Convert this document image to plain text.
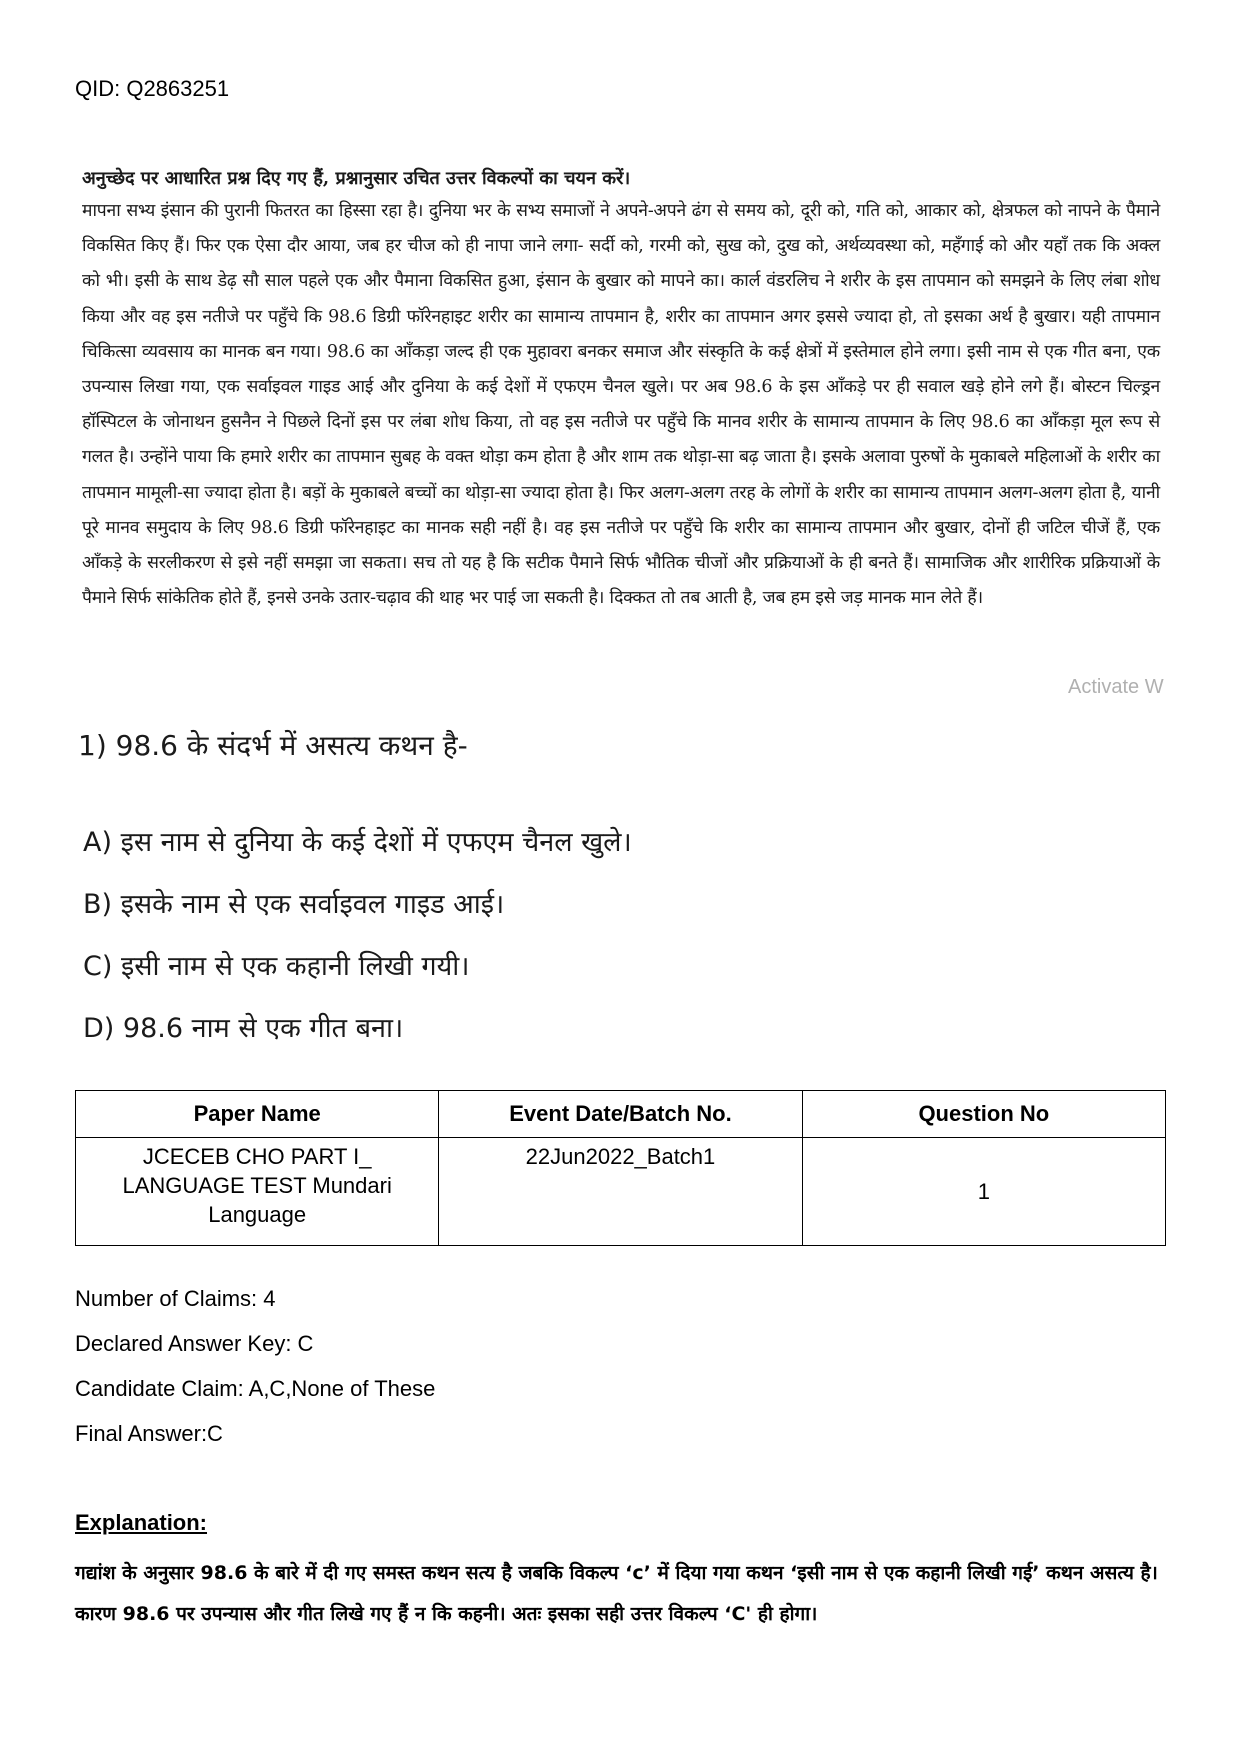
QID: Q2863251

अनुच्छेद पर आधारित प्रश्न दिए गए हैं, प्रश्नानुसार उचित उत्तर विकल्पों का चयन करें।

मापना सभ्य इंसान की पुरानी फितरत का हिस्सा रहा है। दुनिया भर के सभ्य समाजों ने अपने-अपने ढंग से समय को, दूरी को, गति को, आकार को, क्षेत्रफल को नापने के पैमाने विकसित किए हैं। फिर एक ऐसा दौर आया, जब हर चीज को ही नापा जाने लगा- सर्दी को, गरमी को, सुख को, दुख को, अर्थव्यवस्था को, महँगाई को और यहाँ तक कि अक्ल को भी। इसी के साथ डेढ़ सौ साल पहले एक और पैमाना विकसित हुआ, इंसान के बुखार को मापने का। कार्ल वंडरलिच ने शरीर के इस तापमान को समझने के लिए लंबा शोध किया और वह इस नतीजे पर पहुँचे कि 98.6 डिग्री फॉरेनहाइट शरीर का सामान्य तापमान है, शरीर का तापमान अगर इससे ज्यादा हो, तो इसका अर्थ है बुखार। यही तापमान चिकित्सा व्यवसाय का मानक बन गया। 98.6 का आँकड़ा जल्द ही एक मुहावरा बनकर समाज और संस्कृति के कई क्षेत्रों में इस्तेमाल होने लगा। इसी नाम से एक गीत बना, एक उपन्यास लिखा गया, एक सर्वाइवल गाइड आई और दुनिया के कई देशों में एफएम चैनल खुले। पर अब 98.6 के इस आँकड़े पर ही सवाल खड़े होने लगे हैं। बोस्टन चिल्ड्रन हॉस्पिटल के जोनाथन हुसनैन ने पिछले दिनों इस पर लंबा शोध किया, तो वह इस नतीजे पर पहुँचे कि मानव शरीर के सामान्य तापमान के लिए 98.6 का आँकड़ा मूल रूप से गलत है। उन्होंने पाया कि हमारे शरीर का तापमान सुबह के वक्त थोड़ा कम होता है और शाम तक थोड़ा-सा बढ़ जाता है। इसके अलावा पुरुषों के मुकाबले महिलाओं के शरीर का तापमान मामूली-सा ज्यादा होता है। बड़ों के मुकाबले बच्चों का थोड़ा-सा ज्यादा होता है। फिर अलग-अलग तरह के लोगों के शरीर का सामान्य तापमान अलग-अलग होता है, यानी पूरे मानव समुदाय के लिए 98.6 डिग्री फॉरेनहाइट का मानक सही नहीं है। वह इस नतीजे पर पहुँचे कि शरीर का सामान्य तापमान और बुखार, दोनों ही जटिल चीजें हैं, एक आँकड़े के सरलीकरण से इसे नहीं समझा जा सकता। सच तो यह है कि सटीक पैमाने सिर्फ भौतिक चीजों और प्रक्रियाओं के ही बनते हैं। सामाजिक और शारीरिक प्रक्रियाओं के पैमाने सिर्फ सांकेतिक होते हैं, इनसे उनके उतार-चढ़ाव की थाह भर पाई जा सकती है। दिक्कत तो तब आती है, जब हम इसे जड़ मानक मान लेते हैं।

Activate W
1) 98.6 के संदर्भ में असत्य कथन है-
A) इस नाम से दुनिया के कई देशों में एफएम चैनल खुले।
B) इसके नाम से एक सर्वाइवल गाइड आई।
C) इसी नाम से एक कहानी लिखी गयी।
D) 98.6 नाम से एक गीत बना।
Paper Name	Event Date/Batch No.	Question No

JCECEB CHO PART I_
LANGUAGE TEST Mundari
Language	22Jun2022_Batch1	1
Number of Claims: 4
Declared Answer Key: C
Candidate Claim: A,C,None of These
Final Answer:C
Explanation:

गद्यांश के अनुसार 98.6 के बारे में दी गए समस्त कथन सत्य है जबकि विकल्प ‘c’ में दिया गया कथन ‘इसी नाम से एक कहानी लिखी गई’ कथन असत्य है। कारण 98.6 पर उपन्यास और गीत लिखे गए हैं न कि कहनी। अतः इसका सही उत्तर विकल्प ‘C' ही होगा।
